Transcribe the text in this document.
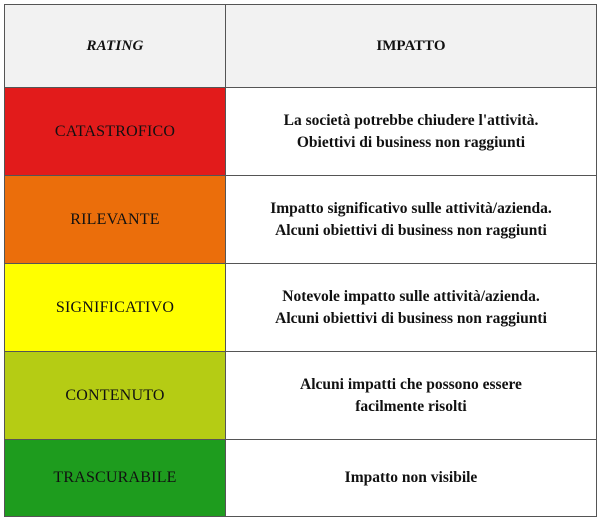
RATING	IMPATTO
CATASTROFICO
La società potrebbe chiudere l'attività.
Obiettivi di business non raggiunti
RILEVANTE
Impatto significativo sulle attività/azienda.
Alcuni obiettivi di business non raggiunti
SIGNIFICATIVO
Notevole impatto sulle attività/azienda.
Alcuni obiettivi di business non raggiunti
CONTENUTO
Alcuni impatti che possono essere
facilmente risolti
TRASCURABILE	Impatto non visibile
